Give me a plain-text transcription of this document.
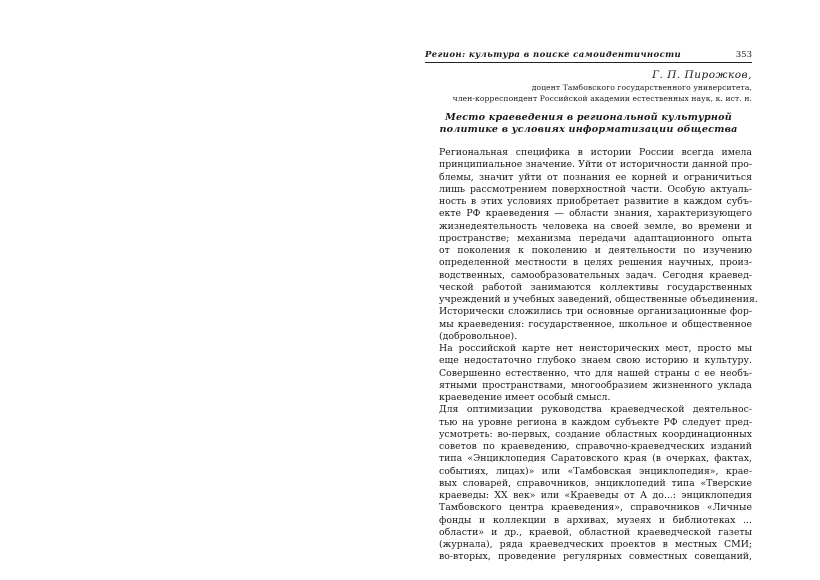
Регион: культура в поиске самоидентичности	353
Г. П. Пирожков,
доцент Тамбовского государственного университета,
член-корреспондент Российской академии естественных наук, к. ист. н.
Место краеведения в региональной культурной
политике в условиях информатизации общества
Региональная специфика в истории России всегда имела
принципиальное значение. Уйти от историчности данной про-
блемы, значит уйти от познания ее корней и ограничиться
лишь рассмотрением поверхностной части. Особую актуаль-
ность в этих условиях приобретает развитие в каждом субъ-
екте РФ краеведения — области знания, характеризующего
жизнедеятельность человека на своей земле, во времени и
пространстве; механизма передачи адаптационного опыта
от поколения к поколению и деятельности по изучению
определенной местности в целях решения научных, произ-
водственных, самообразовательных задач. Сегодня краевед-
ческой работой занимаются коллективы государственных
учреждений и учебных заведений, общественные объединения.
Исторически сложились три основные организационные фор-
мы краеведения: государственное, школьное и общественное
(добровольное).
На российской карте нет неисторических мест, просто мы
еще недостаточно глубоко знаем свою историю и культуру.
Совершенно естественно, что для нашей страны с ее необъ-
ятными пространствами, многообразием жизненного уклада
краеведение имеет особый смысл.
Для оптимизации руководства краеведческой деятельнос-
тью на уровне региона в каждом субъекте РФ следует пред-
усмотреть: во-первых, создание областных координационных
советов по краеведению, справочно-краеведческих изданий
типа «Энциклопедия Саратовского края (в очерках, фактах,
событиях, лицах)» или «Тамбовская энциклопедия», крае-
вых словарей, справочников, энциклопедий типа «Тверские
краеведы: XX век» или «Краеведы от А до...: энциклопедия
Тамбовского центра краеведения», справочников «Личные
фонды и коллекции в архивах, музеях и библиотеках ...
области» и др., краевой, областной краеведческой газеты
(журнала), ряда краеведческих проектов в местных СМИ;
во-вторых, проведение регулярных совместных совещаний,
